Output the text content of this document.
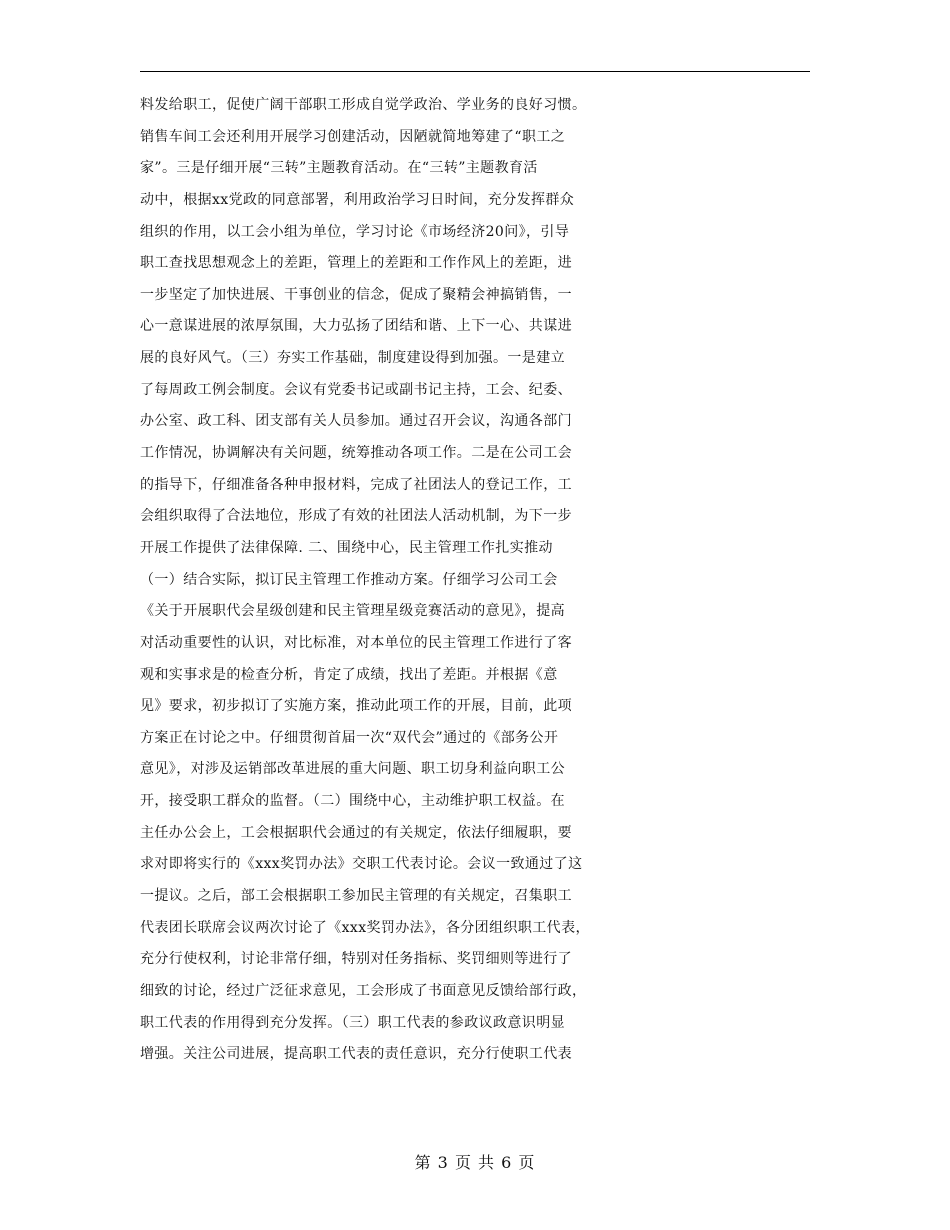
料发给职工，促使广阔干部职工形成自觉学政治、学业务的良好习惯。
销售车间工会还利用开展学习创建活动，因陋就简地筹建了“职工之
家”。三是仔细开展“三转”主题教育活动。在“三转”主题教育活
动中，根据xx党政的同意部署，利用政治学习日时间，充分发挥群众
组织的作用，以工会小组为单位，学习讨论《市场经济20问》，引导
职工查找思想观念上的差距，管理上的差距和工作作风上的差距，进
一步坚定了加快进展、干事创业的信念，促成了聚精会神搞销售，一
心一意谋进展的浓厚氛围，大力弘扬了团结和谐、上下一心、共谋进
展的良好风气。（三）夯实工作基础，制度建设得到加强。一是建立
了每周政工例会制度。会议有党委书记或副书记主持，工会、纪委、
办公室、政工科、团支部有关人员参加。通过召开会议，沟通各部门
工作情况，协调解决有关问题，统筹推动各项工作。二是在公司工会
的指导下，仔细准备各种申报材料，完成了社团法人的登记工作，工
会组织取得了合法地位，形成了有效的社团法人活动机制，为下一步
开展工作提供了法律保障. 二、围绕中心，民主管理工作扎实推动
（一）结合实际，拟订民主管理工作推动方案。仔细学习公司工会
《关于开展职代会星级创建和民主管理星级竞赛活动的意见》，提高
对活动重要性的认识，对比标准，对本单位的民主管理工作进行了客
观和实事求是的检查分析，肯定了成绩，找出了差距。并根据《意
见》要求，初步拟订了实施方案，推动此项工作的开展，目前，此项
方案正在讨论之中。仔细贯彻首届一次“双代会”通过的《部务公开
意见》，对涉及运销部改革进展的重大问题、职工切身利益向职工公
开，接受职工群众的监督。（二）围绕中心，主动维护职工权益。在
主任办公会上，工会根据职代会通过的有关规定，依法仔细履职，要
求对即将实行的《xxx奖罚办法》交职工代表讨论。会议一致通过了这
一提议。之后，部工会根据职工参加民主管理的有关规定，召集职工
代表团长联席会议两次讨论了《xxx奖罚办法》，各分团组织职工代表，
充分行使权利，讨论非常仔细，特别对任务指标、奖罚细则等进行了
细致的讨论，经过广泛征求意见，工会形成了书面意见反馈给部行政，
职工代表的作用得到充分发挥。（三）职工代表的参政议政意识明显
增强。关注公司进展，提高职工代表的责任意识，充分行使职工代表
第 3 页 共 6 页
